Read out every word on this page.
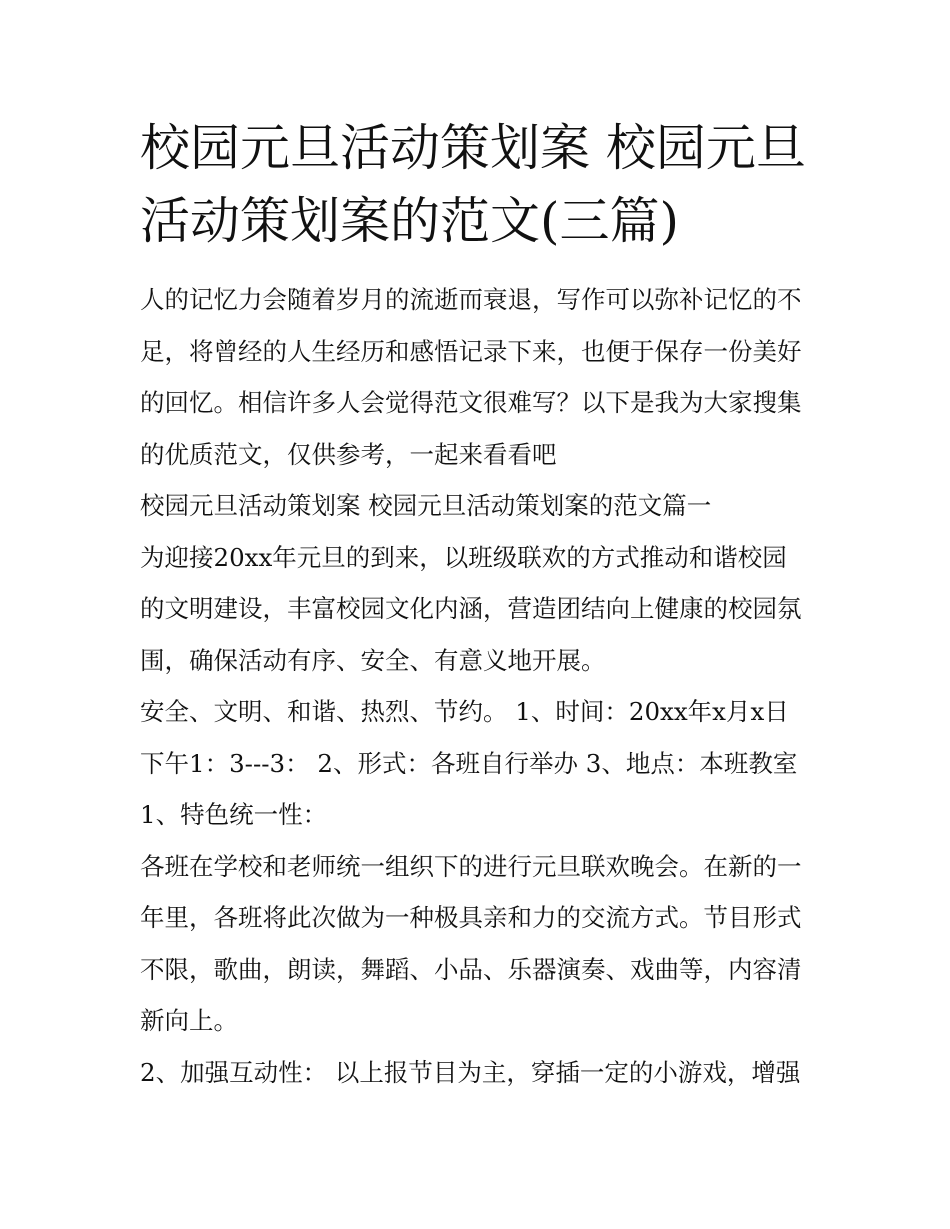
校园元旦活动策划案 校园元旦
活动策划案的范文(三篇)

人的记忆力会随着岁月的流逝而衰退，写作可以弥补记忆的不

足，将曾经的人生经历和感悟记录下来，也便于保存一份美好

的回忆。相信许多人会觉得范文很难写？以下是我为大家搜集

的优质范文，仅供参考，一起来看看吧

校园元旦活动策划案 校园元旦活动策划案的范文篇一

为迎接20xx年元旦的到来，以班级联欢的方式推动和谐校园

的文明建设，丰富校园文化内涵，营造团结向上健康的校园氛

围，确保活动有序、安全、有意义地开展。

安全、文明、和谐、热烈、节约。 1、时间：20xx年x月x日

下午1：3---3： 2、形式：各班自行举办 3、地点：本班教室

1、特色统一性：

各班在学校和老师统一组织下的进行元旦联欢晚会。在新的一

年里，各班将此次做为一种极具亲和力的交流方式。节目形式

不限，歌曲，朗读，舞蹈、小品、乐器演奏、戏曲等，内容清

新向上。

2、加强互动性： 以上报节目为主，穿插一定的小游戏，增强
